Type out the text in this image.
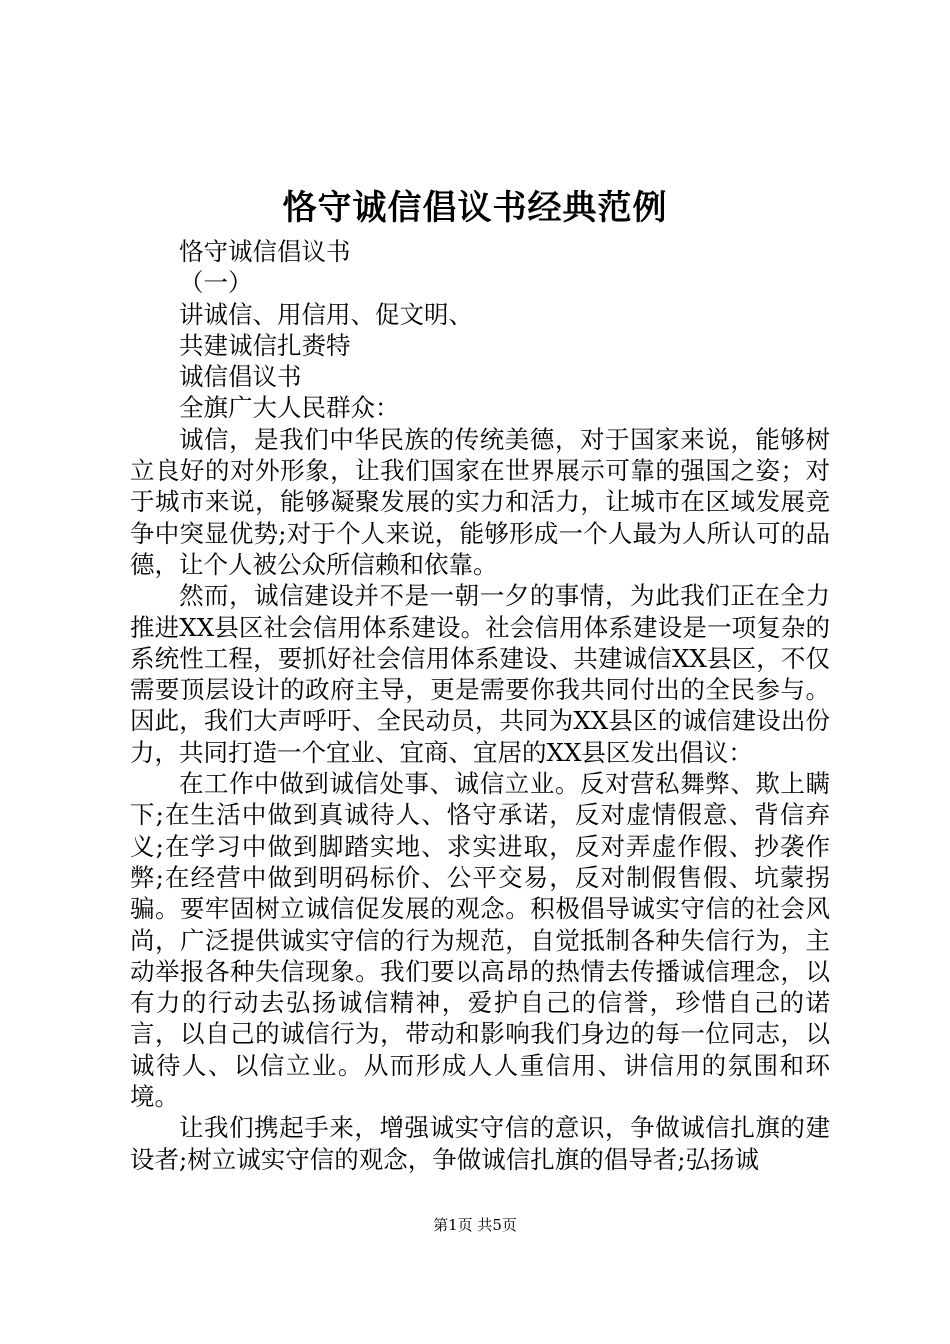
恪守诚信倡议书经典范例

恪守诚信倡议书

（一）

讲诚信、用信用、促文明、

共建诚信扎赉特

诚信倡议书

全旗广大人民群众：

诚信，是我们中华民族的传统美德，对于国家来说，能够树立良好的对外形象，让我们国家在世界展示可靠的强国之姿；对于城市来说，能够凝聚发展的实力和活力，让城市在区域发展竞争中突显优势;对于个人来说，能够形成一个人最为人所认可的品德，让个人被公众所信赖和依靠。

然而，诚信建设并不是一朝一夕的事情，为此我们正在全力推进XX县区社会信用体系建设。社会信用体系建设是一项复杂的系统性工程，要抓好社会信用体系建设、共建诚信XX县区，不仅需要顶层设计的政府主导，更是需要你我共同付出的全民参与。因此，我们大声呼吁、全民动员，共同为XX县区的诚信建设出份力，共同打造一个宜业、宜商、宜居的XX县区发出倡议：

在工作中做到诚信处事、诚信立业。反对营私舞弊、欺上瞒下;在生活中做到真诚待人、恪守承诺，反对虚情假意、背信弃义;在学习中做到脚踏实地、求实进取，反对弄虚作假、抄袭作弊;在经营中做到明码标价、公平交易，反对制假售假、坑蒙拐骗。要牢固树立诚信促发展的观念。积极倡导诚实守信的社会风尚，广泛提供诚实守信的行为规范，自觉抵制各种失信行为，主动举报各种失信现象。我们要以高昂的热情去传播诚信理念，以有力的行动去弘扬诚信精神，爱护自己的信誉，珍惜自己的诺言，以自己的诚信行为，带动和影响我们身边的每一位同志，以诚待人、以信立业。从而形成人人重信用、讲信用的氛围和环境。

让我们携起手来，增强诚实守信的意识，争做诚信扎旗的建设者;树立诚实守信的观念，争做诚信扎旗的倡导者;弘扬诚

第1页 共5页
